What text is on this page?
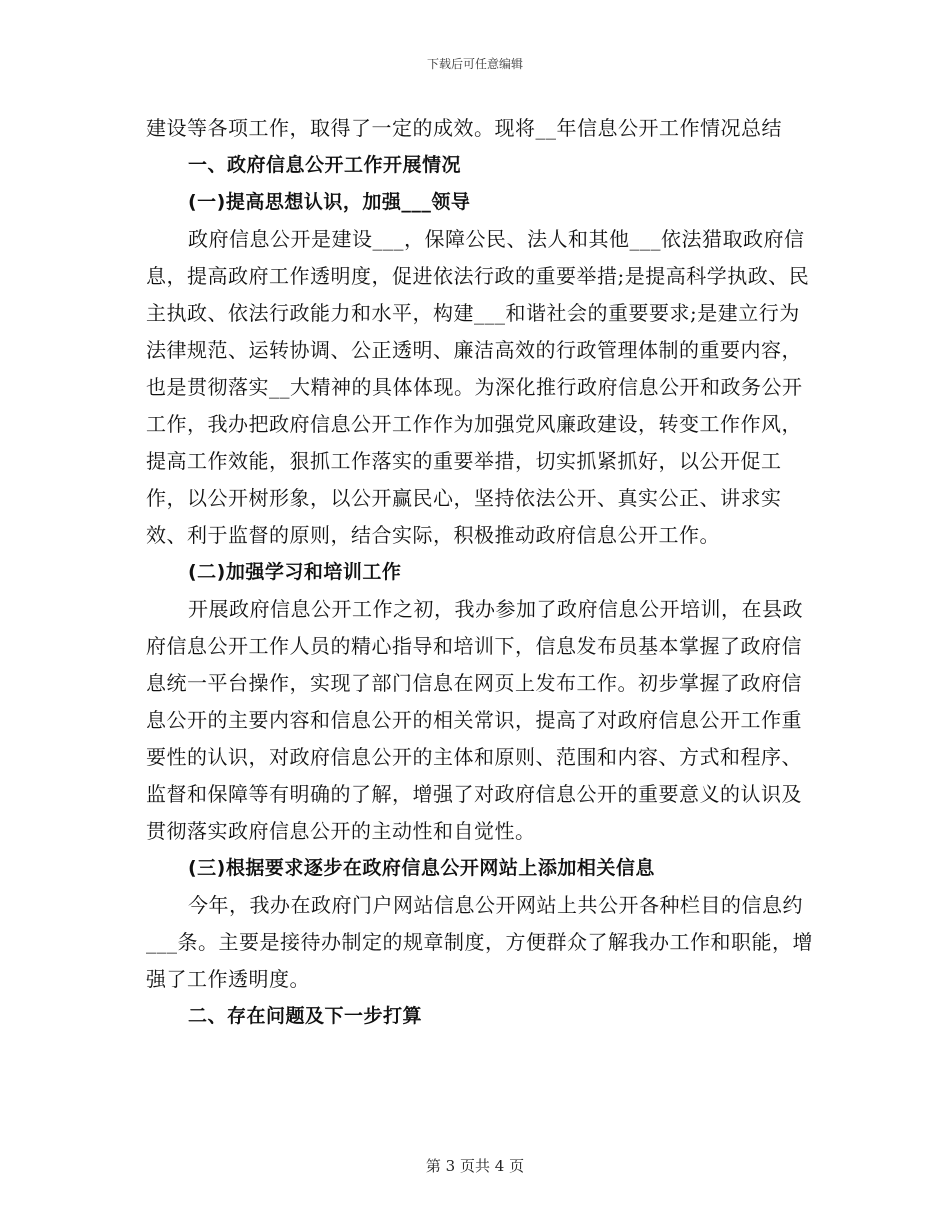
下载后可任意编辑

建设等各项工作，取得了一定的成效。现将__年信息公开工作情况总结

一、政府信息公开工作开展情况

(一)提高思想认识，加强___领导

政府信息公开是建设___，保障公民、法人和其他___依法猎取政府信息，提高政府工作透明度，促进依法行政的重要举措;是提高科学执政、民主执政、依法行政能力和水平，构建___和谐社会的重要要求;是建立行为法律规范、运转协调、公正透明、廉洁高效的行政管理体制的重要内容，也是贯彻落实__大精神的具体体现。为深化推行政府信息公开和政务公开工作，我办把政府信息公开工作作为加强党风廉政建设，转变工作作风，提高工作效能，狠抓工作落实的重要举措，切实抓紧抓好，以公开促工作，以公开树形象，以公开赢民心，坚持依法公开、真实公正、讲求实效、利于监督的原则，结合实际，积极推动政府信息公开工作。

(二)加强学习和培训工作

开展政府信息公开工作之初，我办参加了政府信息公开培训，在县政府信息公开工作人员的精心指导和培训下，信息发布员基本掌握了政府信息统一平台操作，实现了部门信息在网页上发布工作。初步掌握了政府信息公开的主要内容和信息公开的相关常识，提高了对政府信息公开工作重要性的认识，对政府信息公开的主体和原则、范围和内容、方式和程序、监督和保障等有明确的了解，增强了对政府信息公开的重要意义的认识及贯彻落实政府信息公开的主动性和自觉性。

(三)根据要求逐步在政府信息公开网站上添加相关信息

今年，我办在政府门户网站信息公开网站上共公开各种栏目的信息约___条。主要是接待办制定的规章制度，方便群众了解我办工作和职能，增强了工作透明度。

二、存在问题及下一步打算

第 3 页共 4 页
